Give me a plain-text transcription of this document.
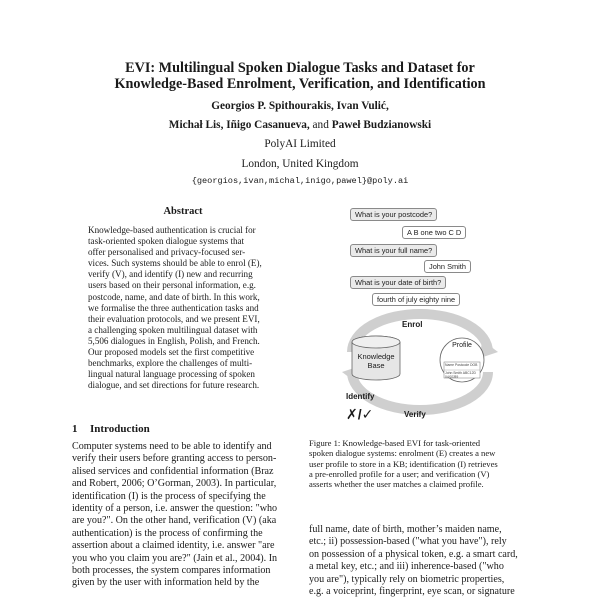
EVI: Multilingual Spoken Dialogue Tasks and Dataset for
Knowledge-Based Enrolment, Verification, and Identification
Georgios P. Spithourakis, Ivan Vulić,
Michał Lis, Iñigo Casanueva, and Paweł Budzianowski
PolyAI Limited
London, United Kingdom
{georgios,ivan,michal,inigo,pawel}@poly.ai
Abstract
Knowledge-based authentication is crucial for
task-oriented spoken dialogue systems that
offer personalised and privacy-focused ser-
vices. Such systems should be able to enrol (E),
verify (V), and identify (I) new and recurring
users based on their personal information, e.g.
postcode, name, and date of birth. In this work,
we formalise the three authentication tasks and
their evaluation protocols, and we present EVI,
a challenging spoken multilingual dataset with
5,506 dialogues in English, Polish, and French.
Our proposed models set the first competitive
benchmarks, explore the challenges of multi-
lingual natural language processing of spoken
dialogue, and set directions for future research.
1 Introduction
Computer systems need to be able to identify and
verify their users before granting access to person-
alised services and confidential information (Braz
and Robert, 2006; O’Gorman, 2003). In particular,
identification (I) is the process of specifying the
identity of a person, i.e. answer the question: "who
are you?". On the other hand, verification (V) (aka
authentication) is the process of confirming the
assertion about a claimed identity, i.e. answer "are
you who you claim you are?" (Jain et al., 2004). In
both processes, the system compares information
given by the user with information held by the
What is your postcode?
A B one two C D
What is your full name?
John Smith
What is your date of birth?
fourth of july eighty nine
Enrol
Knowledge
Base
Profile
Name Postcode DOB
John Smith ABC12D 04/07/89
Identify
✗/✓	Verify
Figure 1: Knowledge-based EVI for task-oriented
spoken dialogue systems: enrolment (E) creates a new
user profile to store in a KB; identification (I) retrieves
a pre-enrolled profile for a user; and verification (V)
asserts whether the user matches a claimed profile.
full name, date of birth, mother’s maiden name,
etc.; ii) possession-based ("what you have"), rely
on possession of a physical token, e.g. a smart card,
a metal key, etc.; and iii) inherence-based ("who
you are"), typically rely on biometric properties,
e.g. a voiceprint, fingerprint, eye scan, or signature
